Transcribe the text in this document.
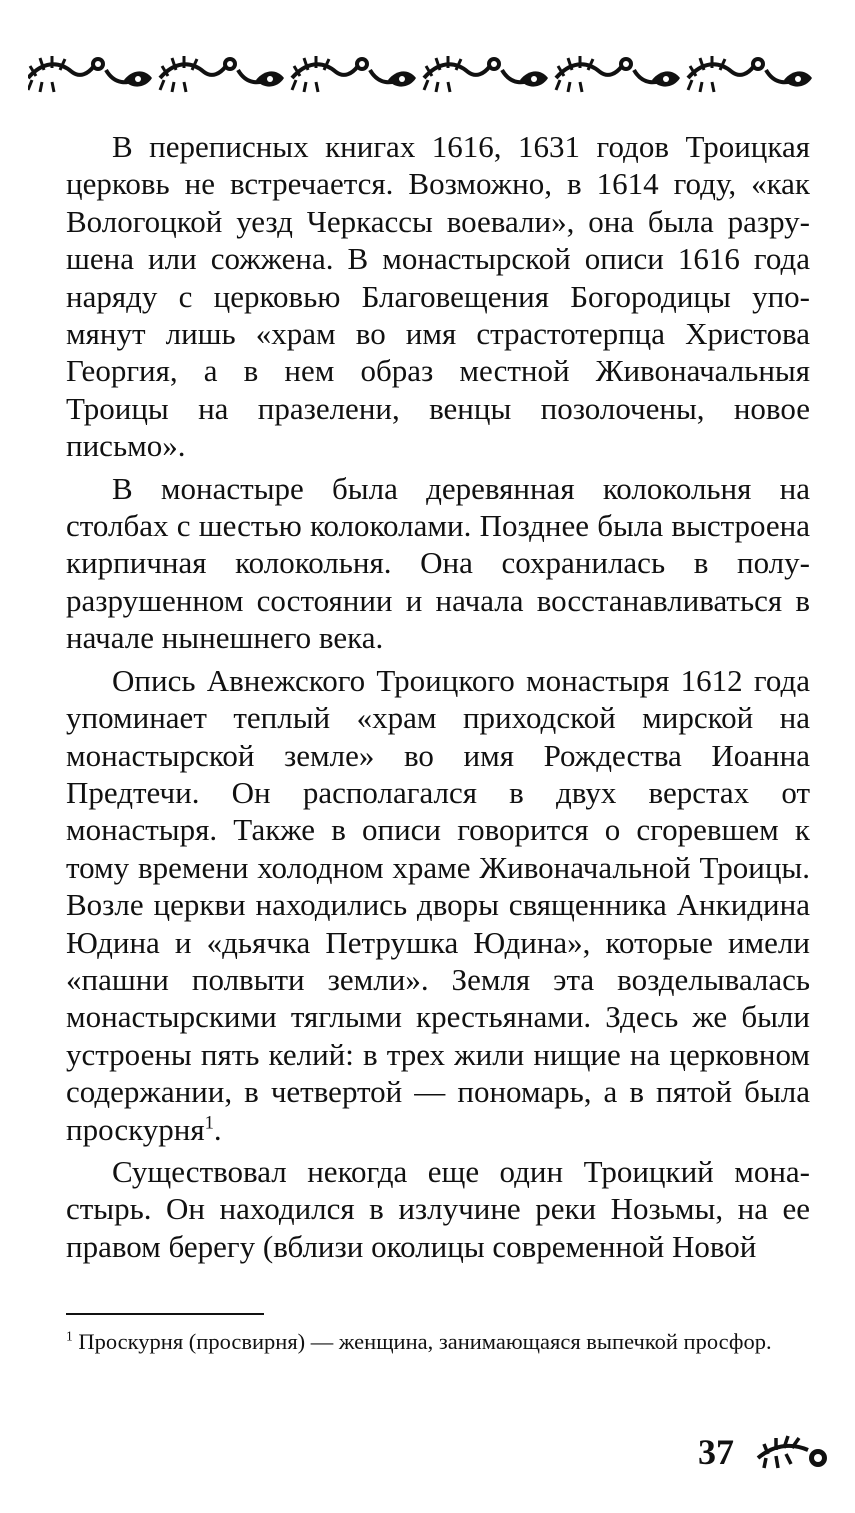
В переписных книгах 1616, 1631 годов Троицкая церковь не встречается. Возможно, в 1614 году, «как Вологоцкой уезд Черкассы воевали», она была разрушена или сожжена. В монастырской описи 1616 года наряду с церковью Благовещения Богородицы упомянут лишь «храм во имя страстотерпца Христова Георгия, а в нем образ местной Живоначальныя Троицы на празелени, венцы позолочены, новое письмо».

В монастыре была деревянная колокольня на столбах с шестью колоколами. Позднее была выстроена кирпичная колокольня. Она сохранилась в полуразрушенном состоянии и начала восстанавливаться в начале нынешнего века.

Опись Авнежского Троицкого монастыря 1612 года упоминает теплый «храм приходской мирской на монастырской земле» во имя Рождества Иоанна Предтечи. Он располагался в двух верстах от монастыря. Также в описи говорится о сгоревшем к тому времени холодном храме Живоначальной Троицы. Возле церкви находились дворы священника Анкидина Юдина и «дьячка Петрушка Юдина», которые имели «пашни полвыти земли». Земля эта возделывалась монастырскими тяглыми крестьянами. Здесь же были устроены пять келий: в трех жили нищие на церковном содержании, в четвертой — пономарь, а в пятой была проскурня$^1$.

Существовал некогда еще один Троицкий монастырь. Он находился в излучине реки Нозьмы, на ее правом берегу (вблизи околицы современной Новой

$^1$ Проскурня (просвирня) — женщина, занимающаяся выпечкой просфор.
37
